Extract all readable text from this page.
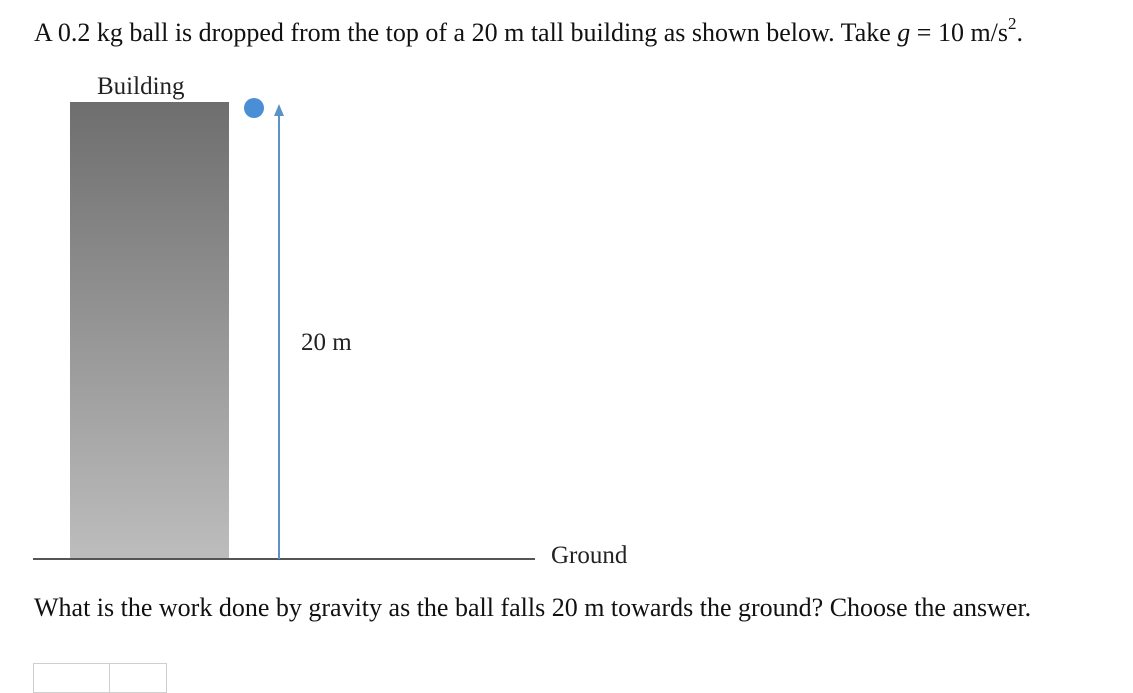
A 0.2 kg ball is dropped from the top of a 20 m tall building as shown below. Take g = 10 $m/s^2$.
Building
20 m
Ground
What is the work done by gravity as the ball falls 20 m towards the ground? Choose the answer.
